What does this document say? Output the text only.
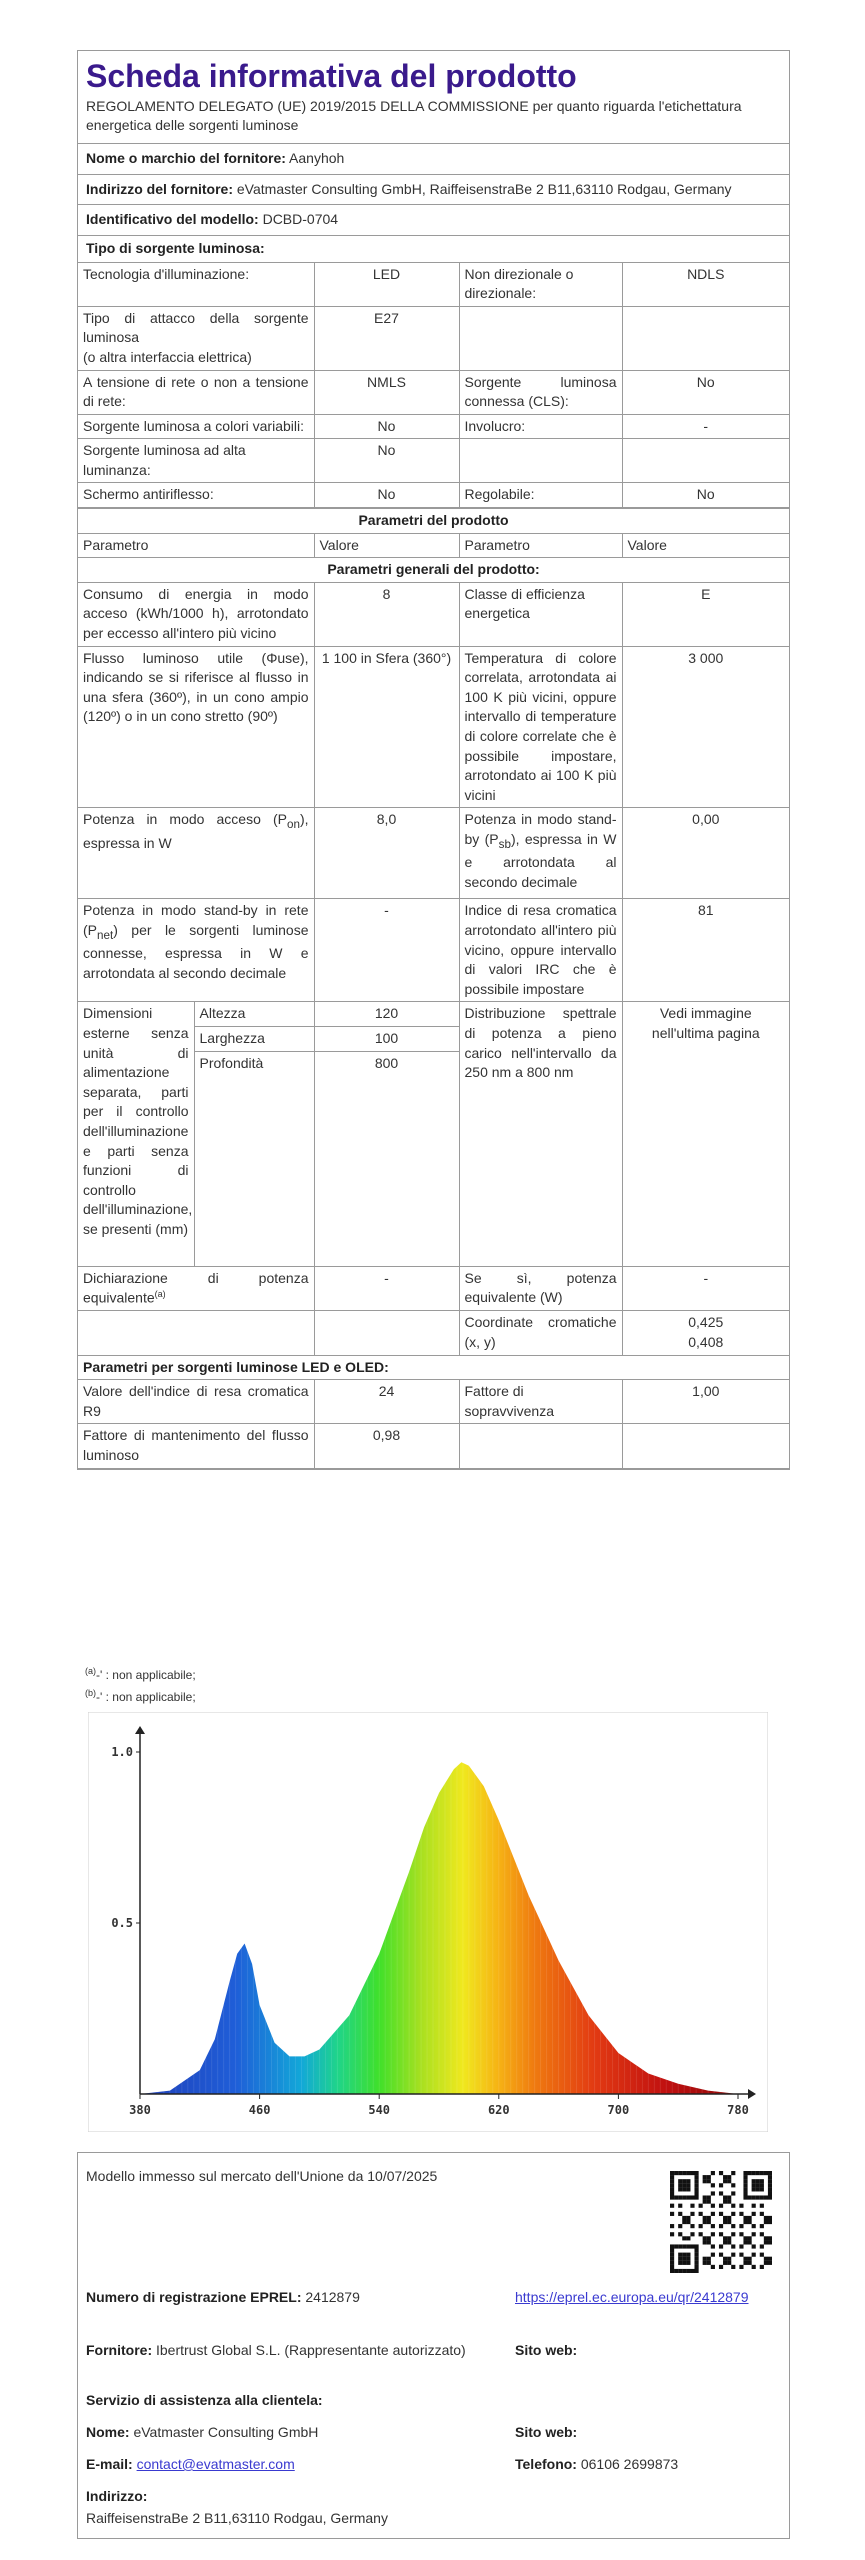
Scheda informativa del prodotto
REGOLAMENTO DELEGATO (UE) 2019/2015 DELLA COMMISSIONE per quanto riguarda l'etichettatura energetica delle sorgenti luminose
Nome o marchio del fornitore: Aanyhoh
Indirizzo del fornitore: eVatmaster Consulting GmbH, RaiffeisenstraBe 2 B11,63110 Rodgau, Germany
Identificativo del modello: DCBD-0704
Tipo di sorgente luminosa:
Tecnologia d'illuminazione:	LED	Non direzionale o direzionale:	NDLS

Tipo di attacco della sorgente luminosa
(o altra interfaccia elettrica)	E27		
A tensione di rete o non a tensione di rete:	NMLS	Sorgente luminosa connessa (CLS):	No
Sorgente luminosa a colori variabili:	No	Involucro:	-
Sorgente luminosa ad alta luminanza:	No		
Schermo antiriflesso:	No	Regolabile:	No
Parametri del prodotto				
Parametro		Valore	Parametro	Valore
Parametri generali del prodotto:				
Consumo di energia in modo acceso (kWh/1000 h), arrotondato per eccesso all'intero più vicino		8	Classe di efficienza energetica	E
Flusso luminoso utile (Φuse), indicando se si riferisce al flusso in una sfera (360º), in un cono ampio (120º) o in un cono stretto (90º)		1 100 in Sfera (360°)	Temperatura di colore correlata, arrotondata ai 100 K più vicini, oppure intervallo di temperature di colore correlate che è possibile impostare, arrotondato ai 100 K più vicini	3 000
Potenza in modo acceso $(P_{on})$, espressa in W		8,0	Potenza in modo stand-by $(P_{sb})$, espressa in W e arrotondata al secondo decimale	0,00
Potenza in modo stand-by in rete $(P_{net})$ per le sorgenti luminose connesse, espressa in W e arrotondata al secondo decimale		-	Indice di resa cromatica arrotondato all'intero più vicino, oppure intervallo di valori IRC che è possibile impostare	81
Dimensioni esterne senza unità di alimentazione separata, parti per il controllo dell'illuminazione e parti senza funzioni di controllo dell'illuminazione, se presenti (mm)	Altezza	120	Distribuzione spettrale di potenza a pieno carico nell'intervallo da 250 nm a 800 nm	Vedi immagine nell'ultima pagina
	Larghezza	100		
	Profondità	800		
Dichiarazione di potenza equivalente$^{(a)}$		-	Se sì, potenza equivalente (W)	-
			Coordinate cromatiche (x, y)	0,425
0,408

Parametri per sorgenti luminose LED e OLED:				
Valore dell'indice di resa cromatica R9		24	Fattore di sopravvivenza	1,00
Fattore di mantenimento del flusso luminoso		0,98		
$^{(a)}$-' : non applicabile;
$^{(b)}$-' : non applicabile;
380	460	540	620	700	780
0.5
1.0
Modello immesso sul mercato dell'Unione da 10/07/2025
Numero di registrazione EPREL: 2412879	https://eprel.ec.europa.eu/qr/2412879
Fornitore: Ibertrust Global S.L. (Rappresentante autorizzato)	Sito web:
Servizio di assistenza alla clientela:
Nome: eVatmaster Consulting GmbH	Sito web:
E-mail: contact@evatmaster.com	Telefono: 06106 2699873
Indirizzo:
RaiffeisenstraBe 2 B11,63110 Rodgau, Germany
